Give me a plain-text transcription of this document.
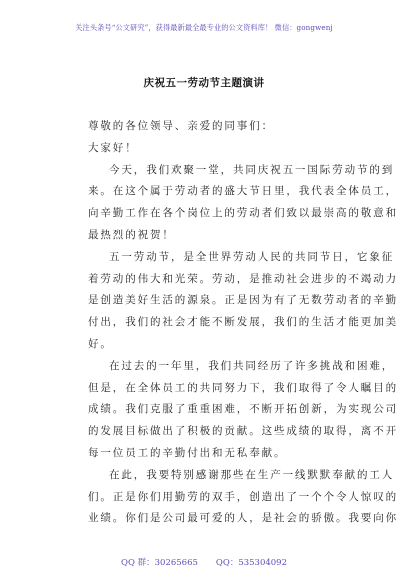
关注头条号“公文研究”，获得最新最全最专业的公文资料库！ 微信：gongwenj
庆祝五一劳动节主题演讲
尊敬的各位领导、亲爱的同事们：
大家好！
今天，我们欢聚一堂，共同庆祝五一国际劳动节的到
来。在这个属于劳动者的盛大节日里，我代表全体员工，
向辛勤工作在各个岗位上的劳动者们致以最崇高的敬意和
最热烈的祝贺！
五一劳动节，是全世界劳动人民的共同节日，它象征
着劳动的伟大和光荣。劳动，是推动社会进步的不竭动力
是创造美好生活的源泉。正是因为有了无数劳动者的辛勤
付出，我们的社会才能不断发展，我们的生活才能更加美
好。
在过去的一年里，我们共同经历了许多挑战和困难，
但是，在全体员工的共同努力下，我们取得了令人瞩目的
成绩。我们克服了重重困难，不断开拓创新，为实现公司
的发展目标做出了积极的贡献。这些成绩的取得，离不开
每一位员工的辛勤付出和无私奉献。
在此，我要特别感谢那些在生产一线默默奉献的工人
们。正是你们用勤劳的双手，创造出了一个个令人惊叹的
业绩。你们是公司最可爱的人，是社会的骄傲。我要向你
QQ 群：30265665 QQ：535304092
